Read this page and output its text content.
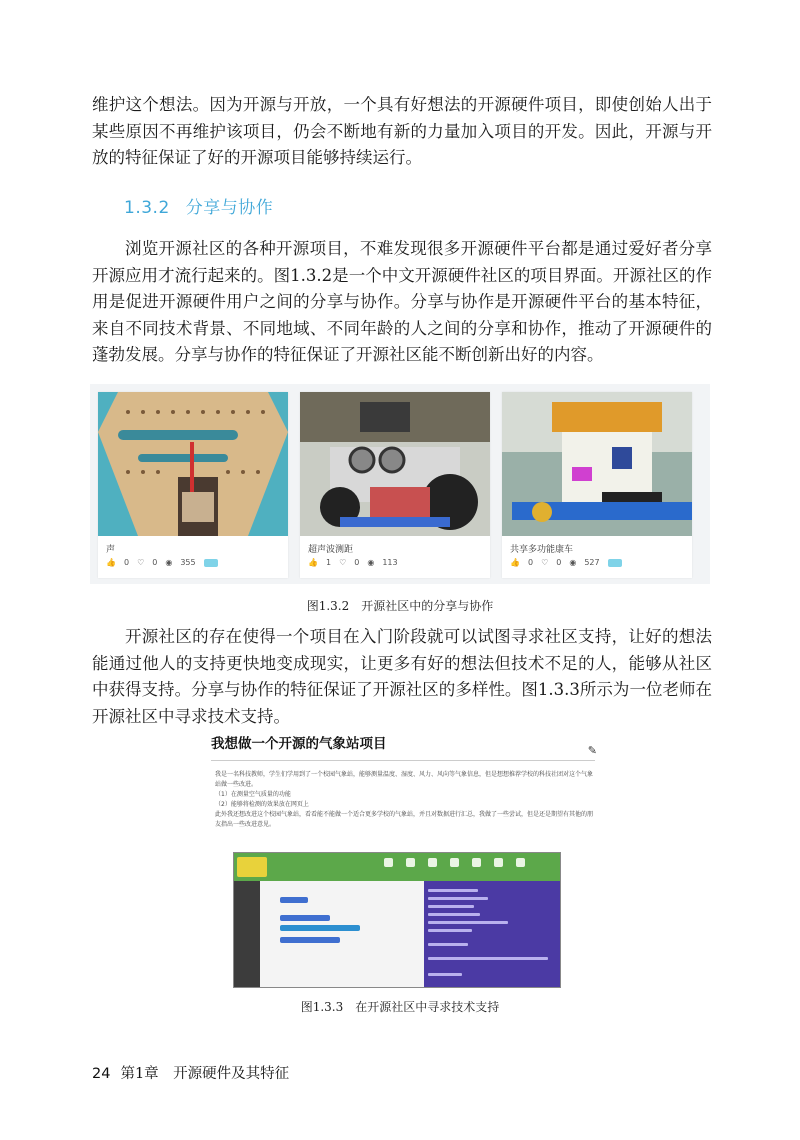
维护这个想法。因为开源与开放，一个具有好想法的开源硬件项目，即使创始人出于某些原因不再维护该项目，仍会不断地有新的力量加入项目的开发。因此，开源与开放的特征保证了好的开源项目能够持续运行。

1.3.2 分享与协作

浏览开源社区的各种开源项目，不难发现很多开源硬件平台都是通过爱好者分享开源应用才流行起来的。图1.3.2是一个中文开源硬件社区的项目界面。开源社区的作用是促进开源硬件用户之间的分享与协作。分享与协作是开源硬件平台的基本特征，来自不同技术背景、不同地域、不同年龄的人之间的分享和协作，推动了开源硬件的蓬勃发展。分享与协作的特征保证了开源社区能不断创新出好的内容。

声
👍 0 ♡ 0 ◉ 355

超声波测距
👍 1 ♡ 0 ◉ 113
共享多功能康车
👍 0 ♡ 0 ◉ 527

图1.3.2　开源社区中的分享与协作

开源社区的存在使得一个项目在入门阶段就可以试图寻求社区支持，让好的想法能通过他人的支持更快地变成现实，让更多有好的想法但技术不足的人，能够从社区中获得支持。分享与协作的特征保证了开源社区的多样性。图1.3.3所示为一位老师在开源社区中寻求技术支持。

我想做一个开源的气象站项目	✎

我是一名科技教师，学生们学用到了一个校园气象站，能够测量温度、湿度、风力、风向等气象信息，但是想想推荐学校的科技社团对这个气象站做一些改进。

（1）在测量空气质量的功能

（2）能够将检测的效果放在网页上

此外我还想改进这个校园气象站，看看能不能做一个适合更多学校的气象站，并且对数据进行汇总，我做了一些尝试，但是还是期望有其他的朋友指出一些改进意见。

图1.3.3　在开源社区中寻求技术支持
24 第1章　开源硬件及其特征
